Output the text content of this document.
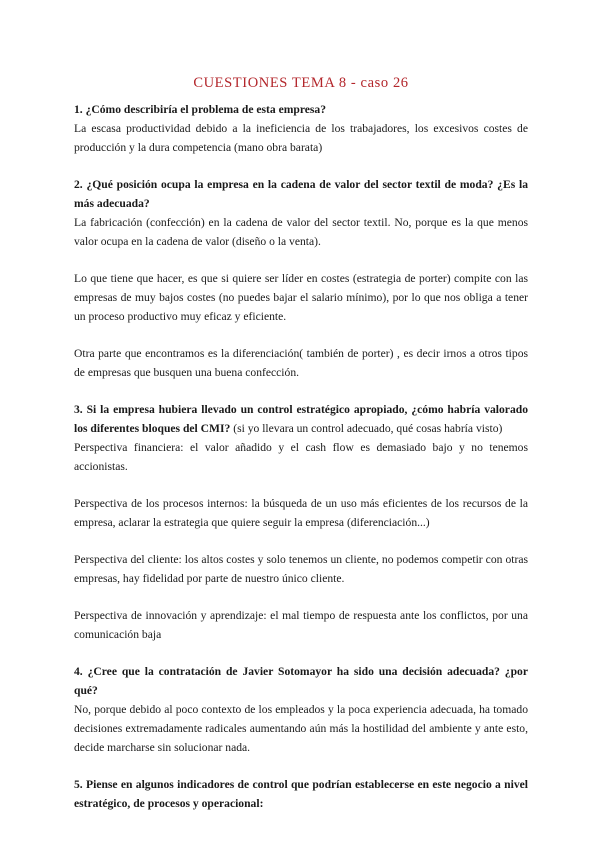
CUESTIONES TEMA 8 - caso 26

1. ¿Cómo describiría el problema de esta empresa?

La escasa productividad debido a la ineficiencia de los trabajadores, los excesivos costes de producción y la dura competencia (mano obra barata)

2. ¿Qué posición ocupa la empresa en la cadena de valor del sector textil de moda? ¿Es la más adecuada?

La fabricación (confección) en la cadena de valor del sector textil. No, porque es la que menos valor ocupa en la cadena de valor (diseño o la venta).

Lo que tiene que hacer, es que si quiere ser líder en costes (estrategia de porter) compite con las empresas de muy bajos costes (no puedes bajar el salario mínimo), por lo que nos obliga a tener un proceso productivo muy eficaz y eficiente.

Otra parte que encontramos es la diferenciación( también de porter) , es decir irnos a otros tipos de empresas que busquen una buena confección.

3. Si la empresa hubiera llevado un control estratégico apropiado, ¿cómo habría valorado los diferentes bloques del CMI? (si yo llevara un control adecuado, qué cosas habría visto)

Perspectiva financiera: el valor añadido y el cash flow es demasiado bajo y no tenemos accionistas.

Perspectiva de los procesos internos: la búsqueda de un uso más eficientes de los recursos de la empresa, aclarar la estrategia que quiere seguir la empresa (diferenciación...)

Perspectiva del cliente: los altos costes y solo tenemos un cliente, no podemos competir con otras empresas, hay fidelidad por parte de nuestro único cliente.

Perspectiva de innovación y aprendizaje: el mal tiempo de respuesta ante los conflictos, por una comunicación baja

4. ¿Cree que la contratación de Javier Sotomayor ha sido una decisión adecuada? ¿por qué?

No, porque debido al poco contexto de los empleados y la poca experiencia adecuada, ha tomado decisiones extremadamente radicales aumentando aún más la hostilidad del ambiente y ante esto, decide marcharse sin solucionar nada.

5. Piense en algunos indicadores de control que podrían establecerse en este negocio a nivel estratégico, de procesos y operacional:
